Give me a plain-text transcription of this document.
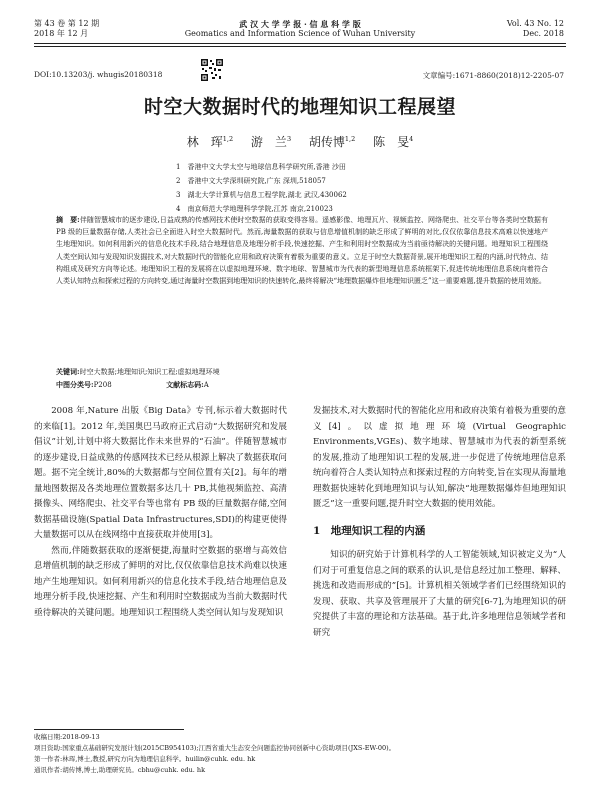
第 43 卷 第 12 期
2018 年 12 月
武 汉 大 学 学 报 · 信 息 科 学 版
Geomatics and Information Science of Wuhan University
Vol. 43 No. 12
Dec. 2018
DOI:10.13203/j. whugis20180318	文章编号:1671-8860(2018)12-2205-07
时空大数据时代的地理知识工程展望
林　珲$^{1,2}$ 游　兰$^3$ 胡传博$^{1,2}$ 陈　旻$^4$
1　香港中文大学太空与地球信息科学研究所,香港 沙田
2　香港中文大学深圳研究院,广东 深圳,518057
3　湖北大学计算机与信息工程学院,湖北 武汉,430062
4　南京师范大学地理科学学院,江苏 南京,210023
摘　要:伴随智慧城市的逐步建设,日益成熟的传感网技术使时空数据的获取变得容易。遥感影像、地理瓦片、视频监控、网络爬虫、社交平台等各类时空数据有 PB 级的巨量数据存储,人类社会已全面进入时空大数据时代。然而,海量数据的获取与信息增值机制的缺乏形成了鲜明的对比,仅仅依靠信息技术高难以快速地产生地理知识。如何利用新兴的信息化技术手段,结合地理信息及地理分析手段,快速挖掘、产生和利用时空数据成为当前亟待解决的关键问题。地理知识工程围绕人类空间认知与发现知识发掘技术,对大数据时代的智能化应用和政府决策有着极为重要的意义。立足于时空大数据背景,展开地理知识工程的内涵,时代特点、结构组成及研究方向等论述。地理知识工程的发展将在以虚拟地理环境、数字地球、智慧城市为代表的新型地理信息系统框架下,促进传统地理信息系统向着符合人类认知特点和探索过程的方向转变,通过海量时空数据到地理知识的快速转化,最终将解决“地理数据爆炸但地理知识匮乏”这一重要难题,提升数据的使用效能。
关键词:时空大数据;地理知识;知识工程;虚拟地理环境
中图分类号:P208	文献标志码:A

2008 年,Nature 出版《Big Data》专刊,标示着大数据时代的来临[1]。2012 年,美国奥巴马政府正式启动“大数据研究和发展倡议”计划,计划中将大数据比作未来世界的“石油”。伴随智慧城市的逐步建设,日益成熟的传感网技术已经从根源上解决了数据获取问题。据不完全统计,80%的大数据都与空间位置有关[2]。每年的增量地图数据及各类地理位置数据多达几十 PB,其他视频监控、高清摄像头、网络爬虫、社交平台等也常有 PB 级的巨量数据存储,空间数据基础设施(Spatial Data Infrastructures,SDI)的构建更使得大量数据可以从在线网络中直接获取并使用[3]。

然而,伴随数据获取的逐渐便捷,海量时空数据的驱增与高效信息增值机制的缺乏形成了鲜明的对比,仅仅依靠信息技术尚难以快速地产生地理知识。如何利用新兴的信息化技术手段,结合地理信息及地理分析手段,快速挖掘、产生和利用时空数据成为当前大数据时代亟待解决的关键问题。地理知识工程围绕人类空间认知与发现知识

发掘技术,对大数据时代的智能化应用和政府决策有着极为重要的意义[4]。以虚拟地理环境(Virtual Geographic Environments,VGEs)、数字地球、智慧城市为代表的新型系统的发展,推动了地理知识工程的发展,进一步促进了传统地理信息系统向着符合人类认知特点和探索过程的方向转变,旨在实现从海量地理数据快速转化到地理知识与认知,解决“地理数据爆炸但地理知识匮乏”这一重要问题,提升时空大数据的使用效能。

1　地理知识工程的内涵

知识的研究始于计算机科学的人工智能领域,知识被定义为“人们对于可重复信息之间的联系的认识,是信息经过加工整理、解释、挑选和改造而形成的”[5]。计算机相关领域学者们已经围绕知识的发现、获取、共享及管理展开了大量的研究[6-7],为地理知识的研究提供了丰富的理论和方法基础。基于此,许多地理信息领域学者和研究

收稿日期:2018-09-13
项目资助:国家重点基础研究发展计划(2015CB954103);江西省重大生态安全问题监控协同创新中心资助项目(JXS-EW-00)。
第一作者:林珲,博士,教授,研究方向为地理信息科学。huilin@cuhk. edu. hk
通讯作者:胡传博,博士,助理研究员。cbhu@cuhk. edu. hk
